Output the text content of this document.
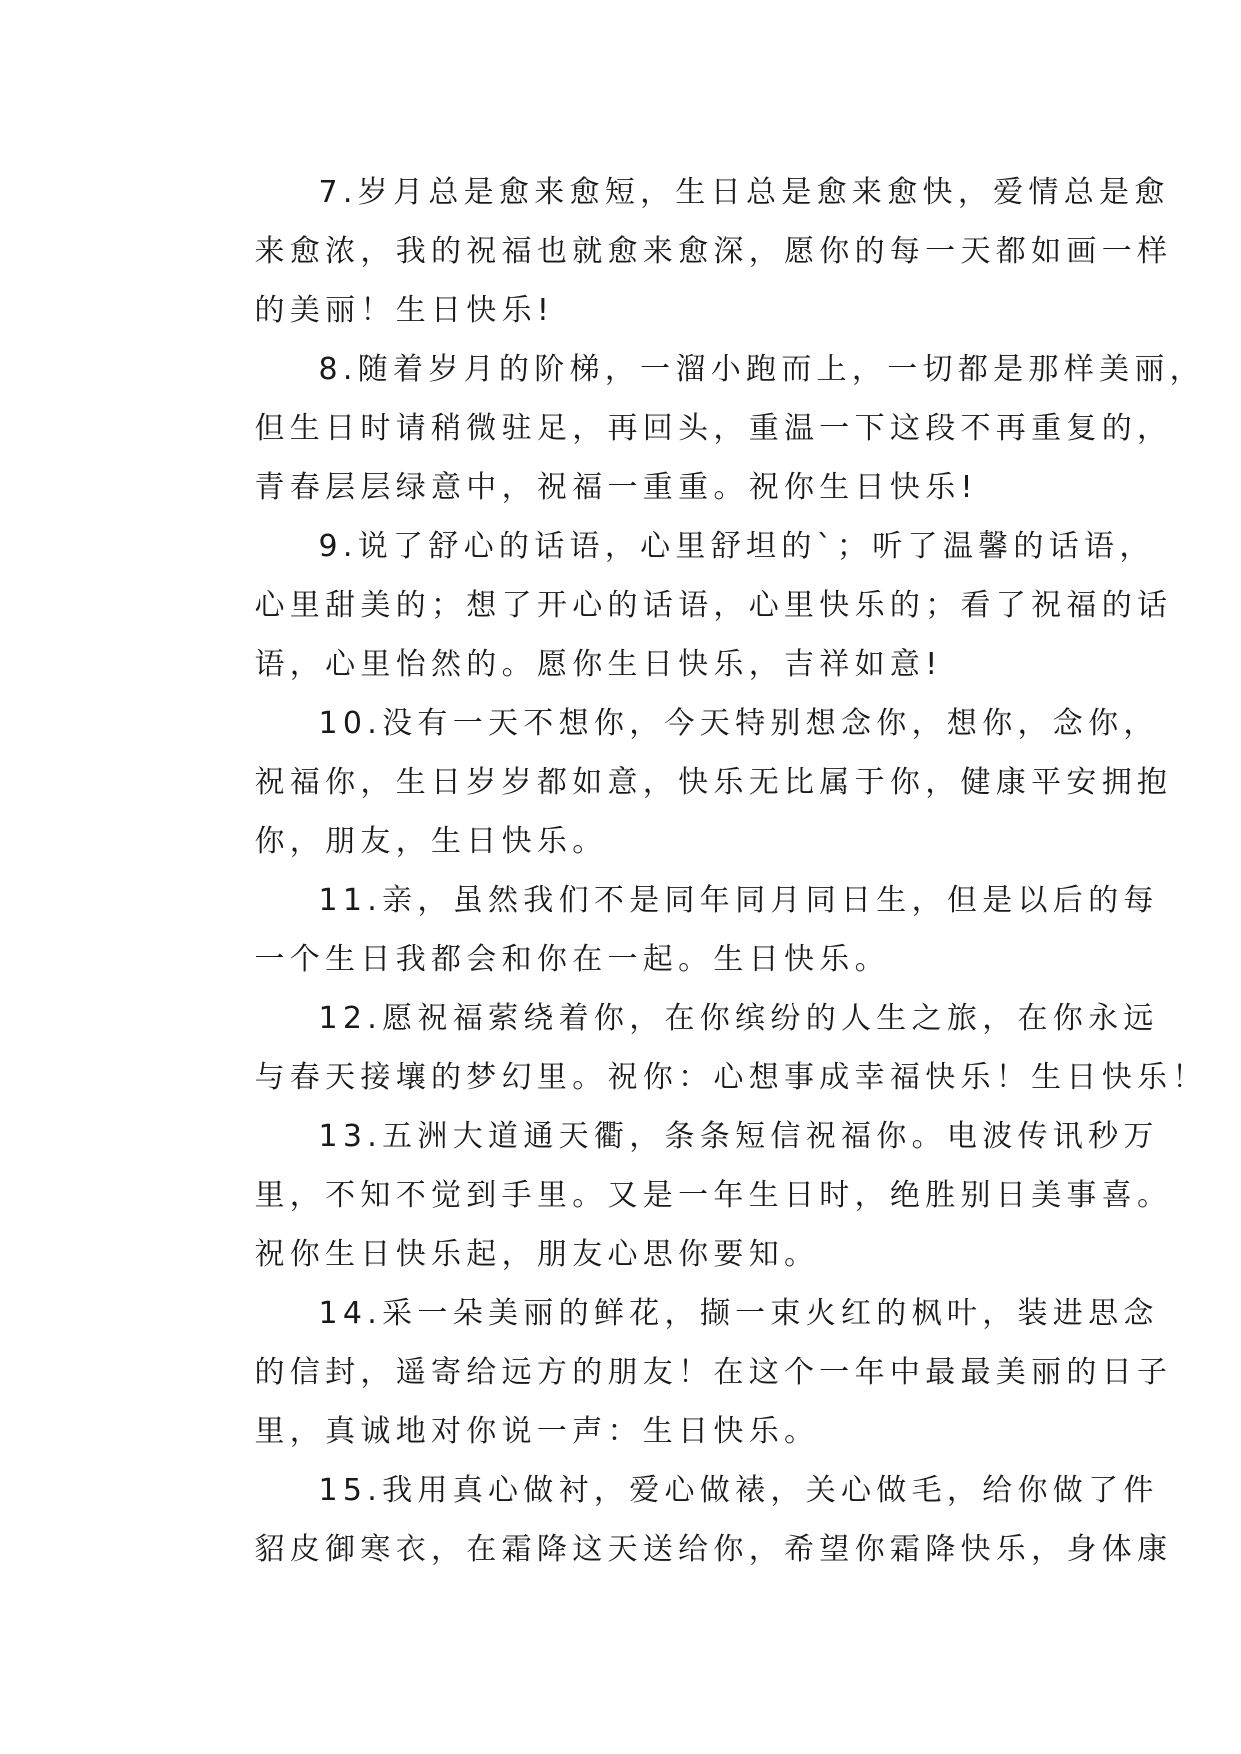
7.岁月总是愈来愈短，生日总是愈来愈快，爱情总是愈
来愈浓，我的祝福也就愈来愈深，愿你的每一天都如画一样
的美丽！生日快乐!
8.随着岁月的阶梯，一溜小跑而上，一切都是那样美丽，
但生日时请稍微驻足，再回头，重温一下这段不再重复的，
青春层层绿意中，祝福一重重。祝你生日快乐!
9.说了舒心的话语，心里舒坦的`；听了温馨的话语，
心里甜美的；想了开心的话语，心里快乐的；看了祝福的话
语，心里怡然的。愿你生日快乐，吉祥如意!
10.没有一天不想你，今天特别想念你，想你，念你，
祝福你，生日岁岁都如意，快乐无比属于你，健康平安拥抱
你，朋友，生日快乐。
11.亲，虽然我们不是同年同月同日生，但是以后的每
一个生日我都会和你在一起。生日快乐。
12.愿祝福萦绕着你，在你缤纷的人生之旅，在你永远
与春天接壤的梦幻里。祝你：心想事成幸福快乐！生日快乐！
13.五洲大道通天衢，条条短信祝福你。电波传讯秒万
里，不知不觉到手里。又是一年生日时，绝胜别日美事喜。
祝你生日快乐起，朋友心思你要知。
14.采一朵美丽的鲜花，撷一束火红的枫叶，装进思念
的信封，遥寄给远方的朋友！在这个一年中最最美丽的日子
里，真诚地对你说一声：生日快乐。
15.我用真心做衬，爱心做裱，关心做毛，给你做了件
貂皮御寒衣，在霜降这天送给你，希望你霜降快乐，身体康
